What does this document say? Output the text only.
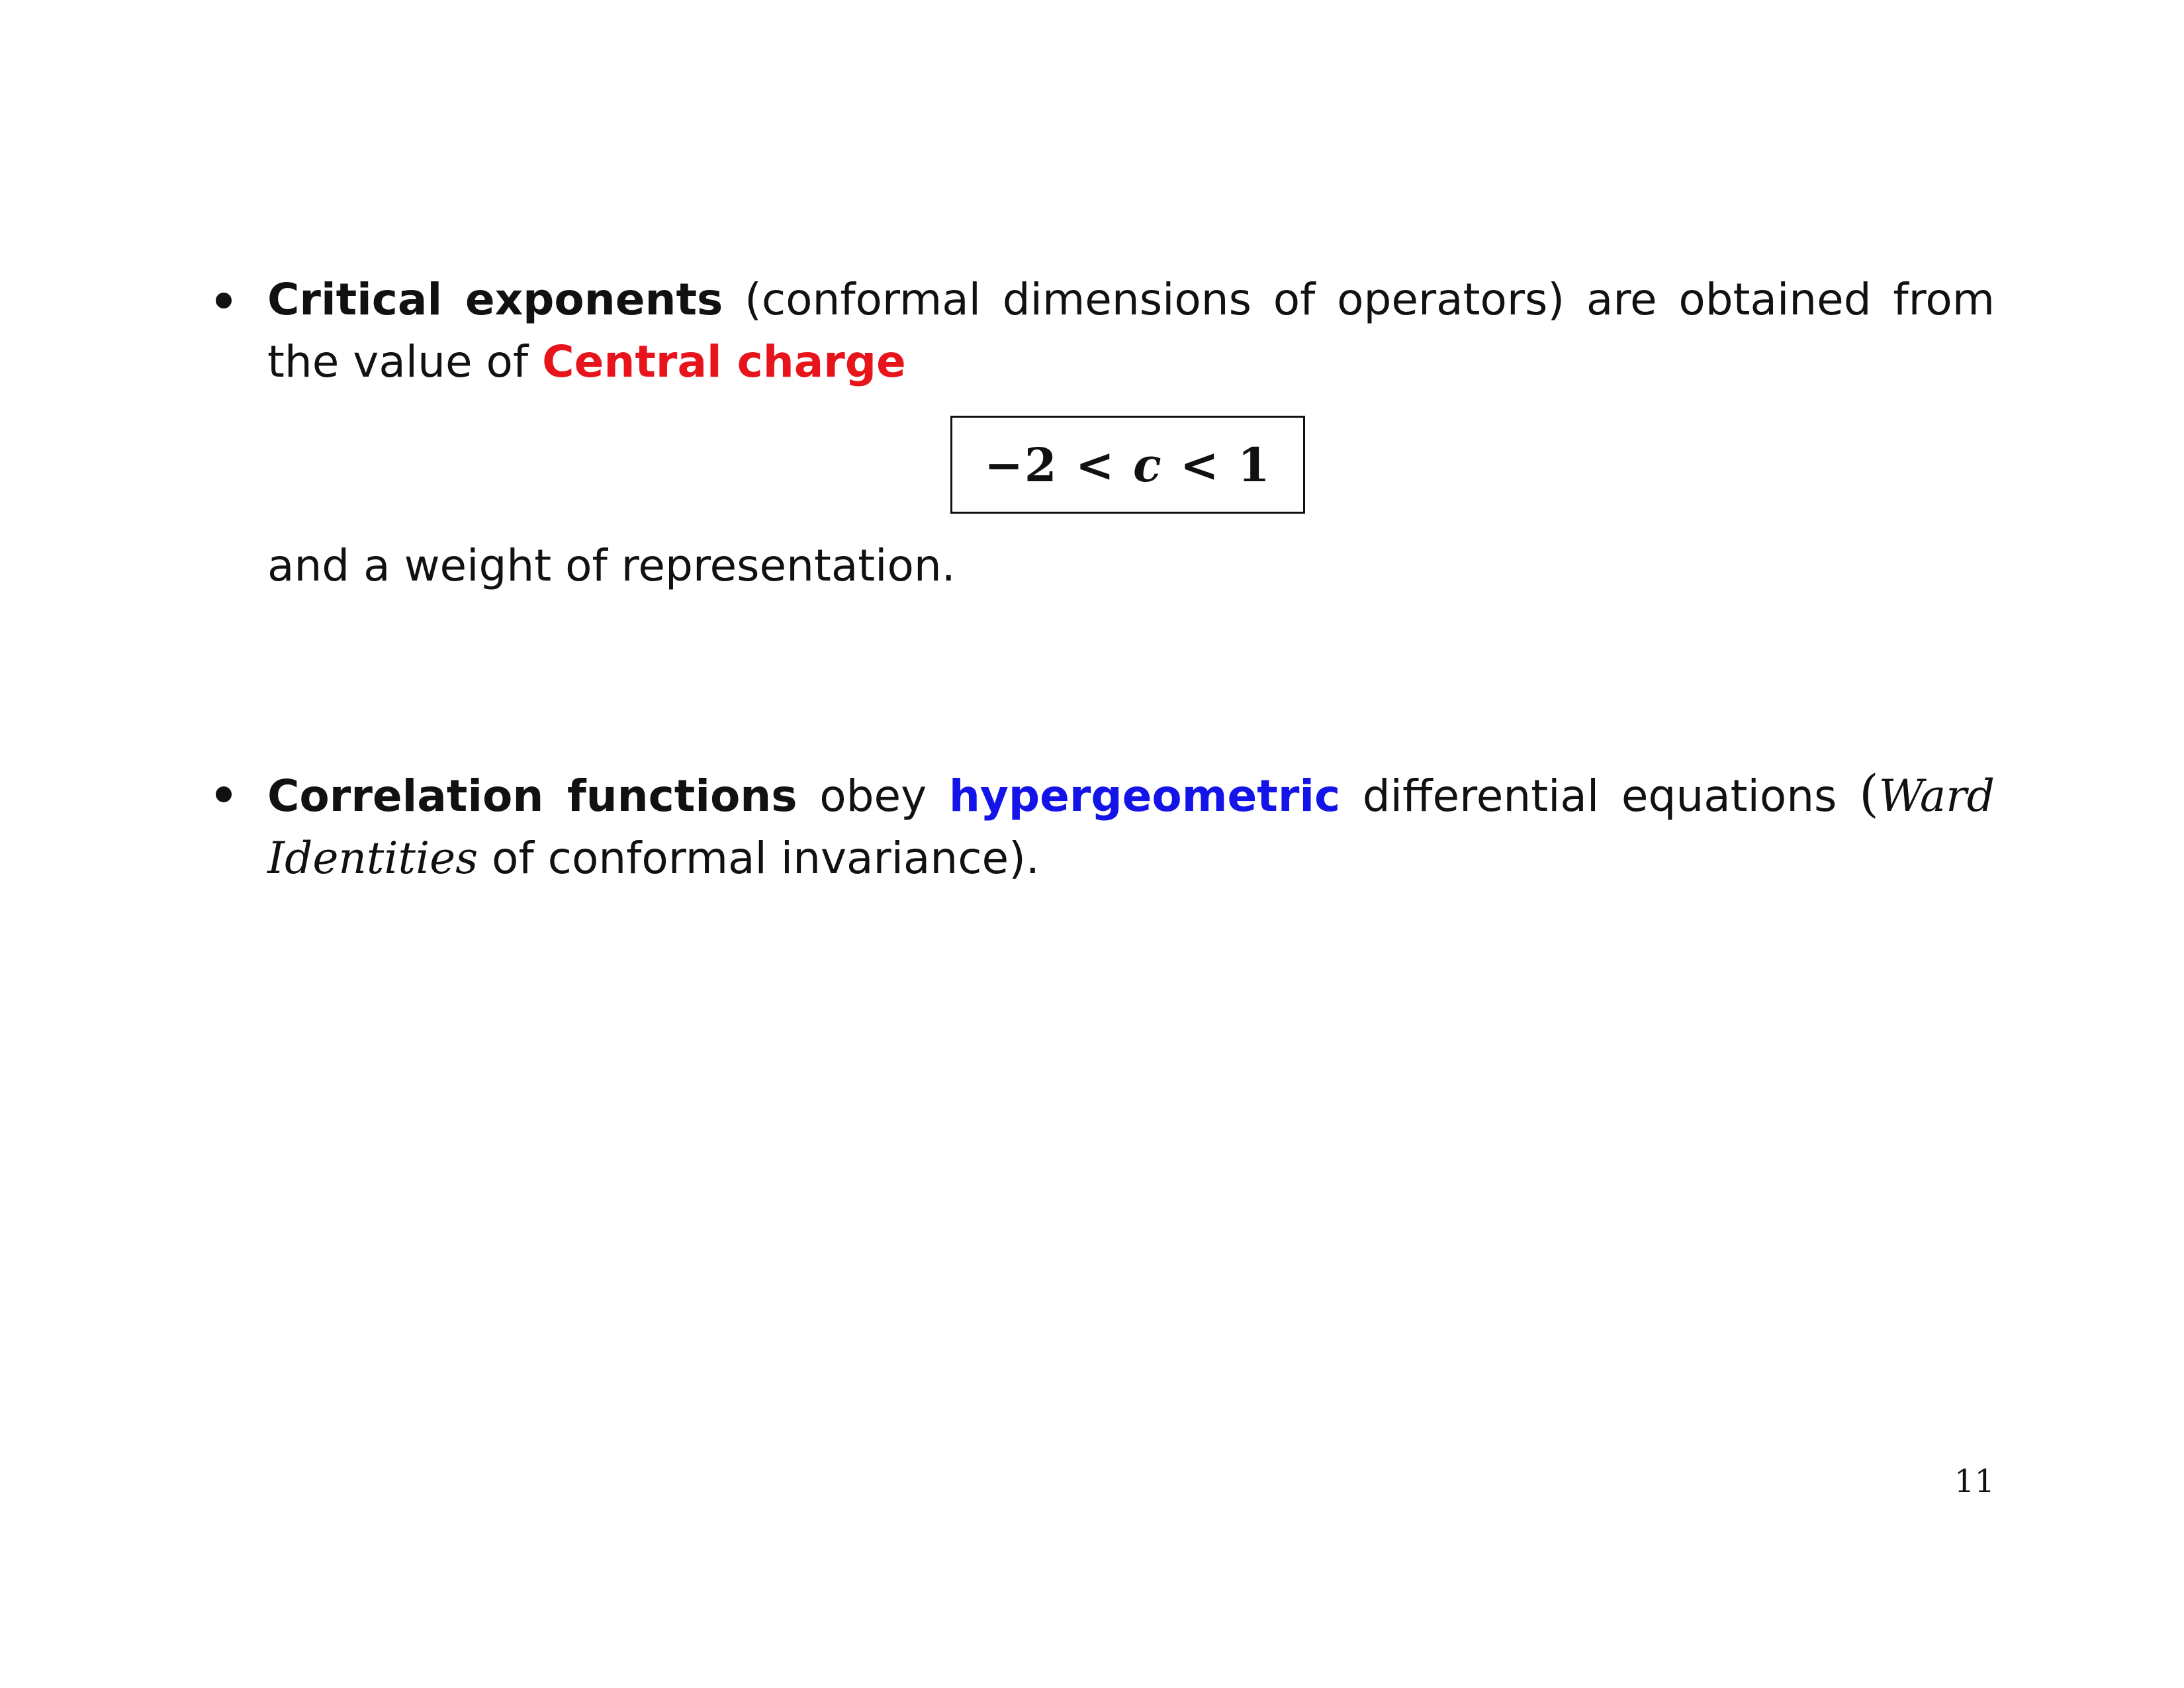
Critical exponents (conformal dimensions of operators) are obtained from the value of Central charge
−2 < c < 1
and a weight of representation.
Correlation functions obey hypergeometric differential equations (Ward Identities of conformal invariance).
11
